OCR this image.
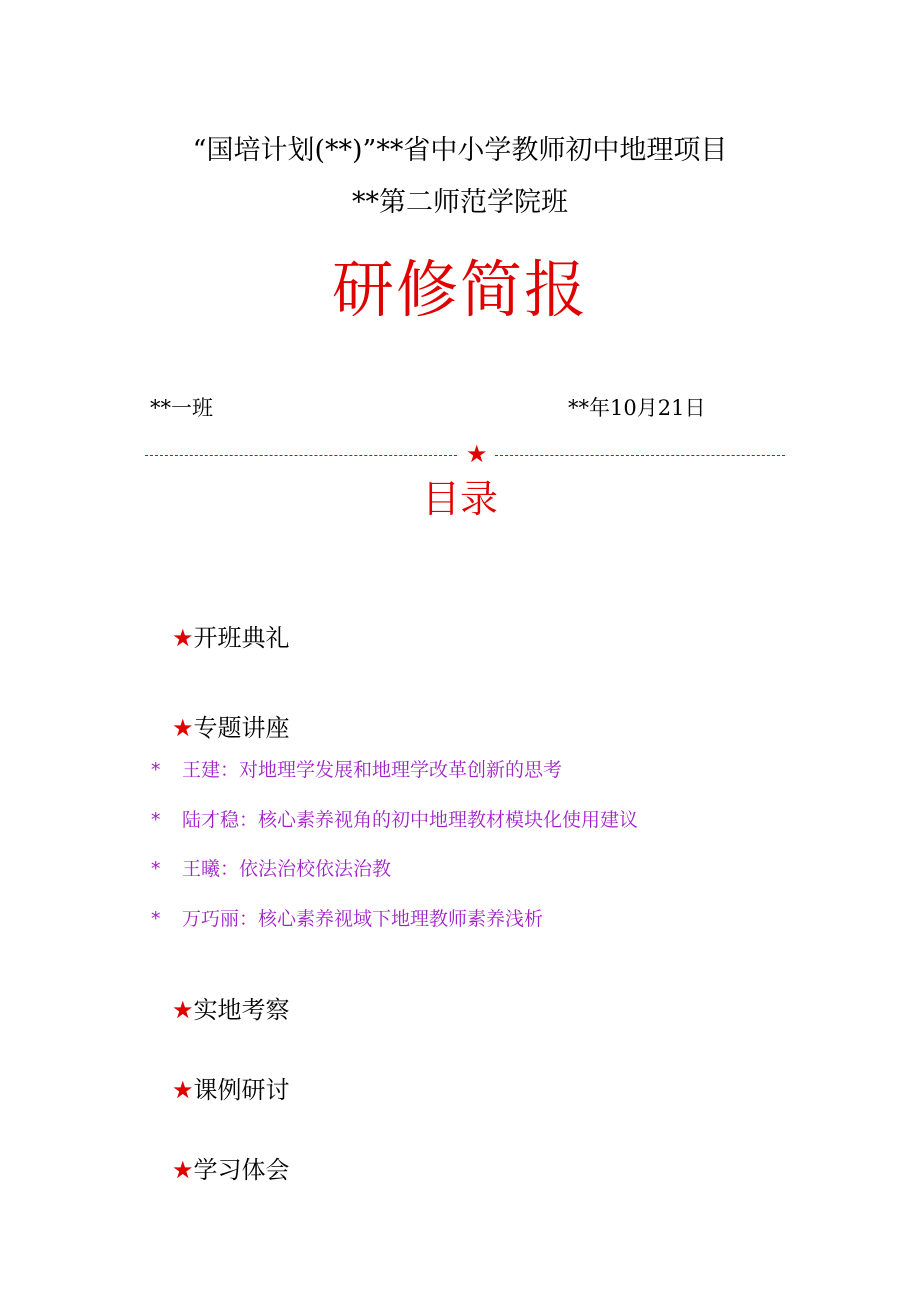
“国培计划(**)”**省中小学教师初中地理项目
**第二师范学院班
研修简报
**一班	**年10月21日
★
目录
★开班典礼
★专题讲座
* 王建：对地理学发展和地理学改革创新的思考
* 陆才稳：核心素养视角的初中地理教材模块化使用建议
* 王曦：依法治校依法治教
* 万巧丽：核心素养视域下地理教师素养浅析
★实地考察
★课例研讨
★学习体会
